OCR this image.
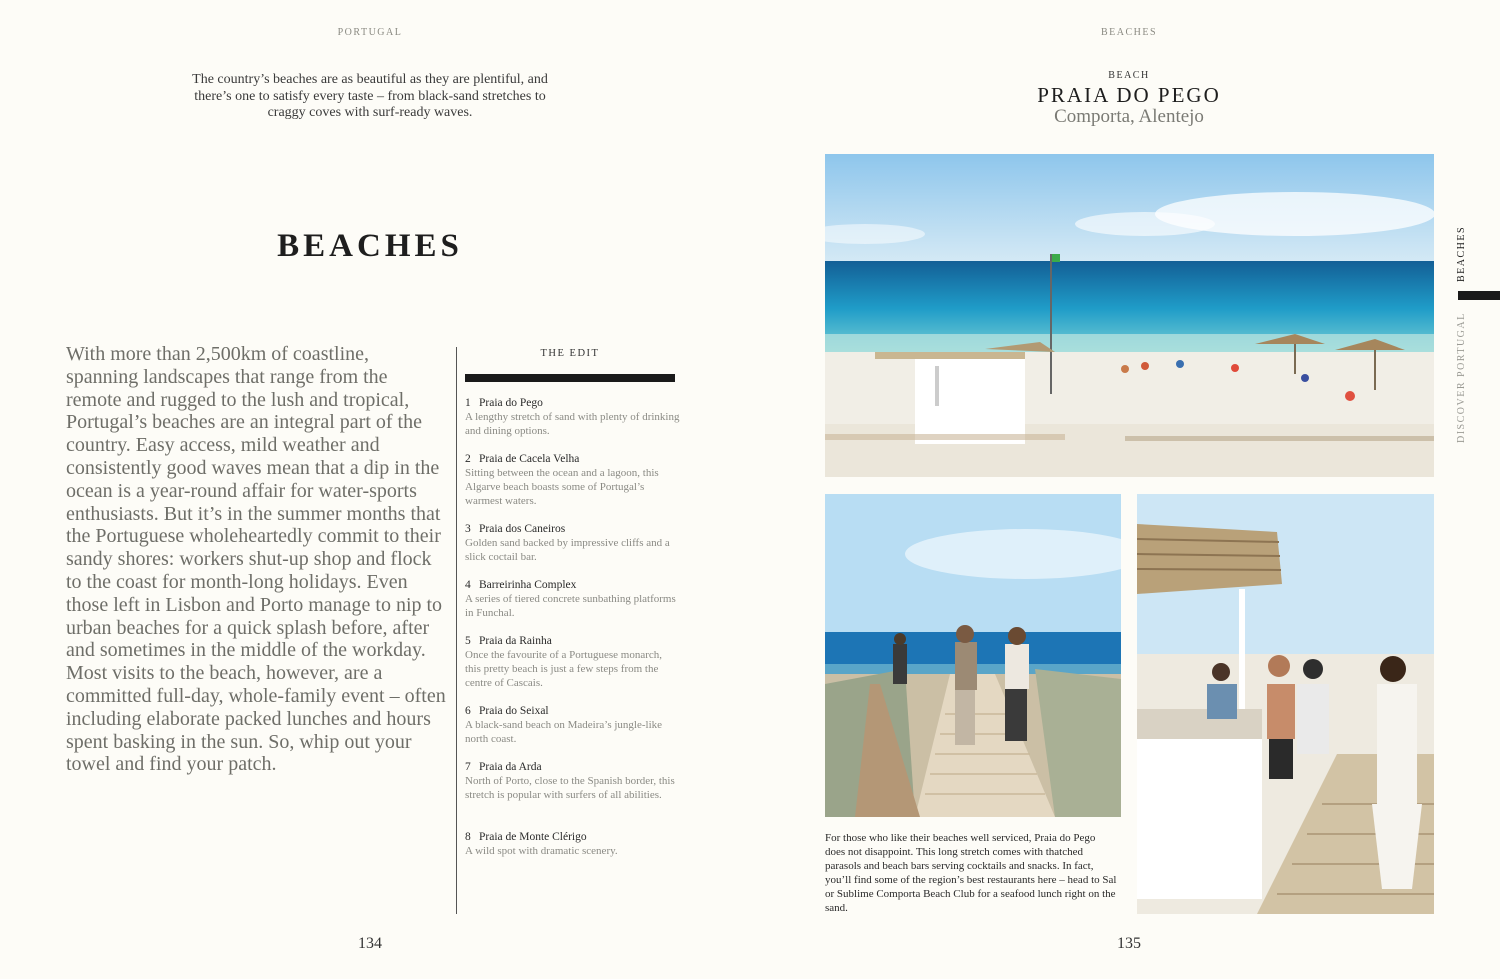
PORTUGAL

The country’s beaches are as beautiful as they are plentiful, and there’s one to satisfy every taste – from black-sand stretches to craggy coves with surf-ready waves.

BEACHES

With more than 2,500km of coastline, spanning landscapes that range from the remote and rugged to the lush and tropical, Portugal’s beaches are an integral part of the country. Easy access, mild weather and consistently good waves mean that a dip in the ocean is a year-round affair for water-sports enthusiasts. But it’s in the summer months that the Portuguese wholeheartedly commit to their sandy shores: workers shut-up shop and flock to the coast for month-long holidays. Even those left in Lisbon and Porto manage to nip to urban beaches for a quick splash before, after and sometimes in the middle of the workday. Most visits to the beach, however, are a committed full-day, whole-family event – often including elaborate packed lunches and hours spent basking in the sun. So, whip out your towel and find your patch.

THE EDIT
1 Praia do Pego
A lengthy stretch of sand with plenty of drinking and dining options.
2 Praia de Cacela Velha
Sitting between the ocean and a lagoon, this Algarve beach boasts some of Portugal’s warmest waters.
3 Praia dos Caneiros
Golden sand backed by impressive cliffs and a slick coctail bar.
4 Barreirinha Complex
A series of tiered concrete sunbathing platforms in Funchal.
5 Praia da Rainha
Once the favourite of a Portuguese monarch, this pretty beach is just a few steps from the centre of Cascais.
6 Praia do Seixal
A black-sand beach on Madeira’s jungle-like north coast.
7 Praia da Arda
North of Porto, close to the Spanish border, this stretch is popular with surfers of all abilities.
8 Praia de Monte Clérigo
A wild spot with dramatic scenery.
134
BEACHES
BEACH
PRAIA DO PEGO
Comporta, Alentejo

For those who like their beaches well serviced, Praia do Pego does not disappoint. This long stretch comes with thatched parasols and beach bars serving cocktails and snacks. In fact, you’ll find some of the region’s best restaurants here – head to Sal or Sublime Comporta Beach Club for a seafood lunch right on the sand.

135
BEACHES
DISCOVER PORTUGAL
